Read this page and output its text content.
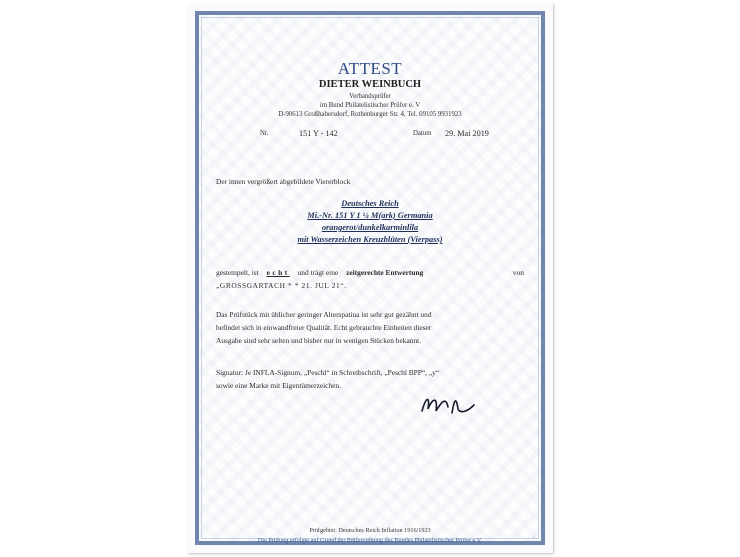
ATTEST
DIETER WEINBUCH
Verbandsprüfer
im Bund Philatelistischer Prüfer e. V
D-90613 Großhabersdorf, Rothenburger Str. 4, Tel. 09105 9931923
Nr.	151 Y - 142	Datum 29. Mai 2019
Der innen vergrößert abgebildete Viererblock
Deutsches Reich
Mi.-Nr. 151 Y 1 ¼ M(ark) Germania
orangerot/dunkelkarminlila
mit Wasserzeichen Kreuzblüten (Vierpass)
gestempelt, ist echt und trägt eine zeitgerechte Entwertung	von
„GROSSGARTACH * * 21. JUL 21“.
Das Prüfstück mit üblicher geringer Alterspatina ist sehr gut gezähnt und
befindet sich in einwandfreier Qualität. Echt gebrauchte Einheiten dieser
Ausgabe sind sehr selten und bisher nur in wenigen Stücken bekannt.
Signatur: Je INFLA-Signum, „Peschl“ in Schreibschrift, „Peschl BPP“, „y“
sowie eine Marke mit Eigentümerzeichen.
Prüfgebiet: Deutsches Reich Inflation 1916/1923
Die Prüfung erfolgte auf Grund der Prüferordnung des Bundes Philatelistischer Prüfer e.V.	©
